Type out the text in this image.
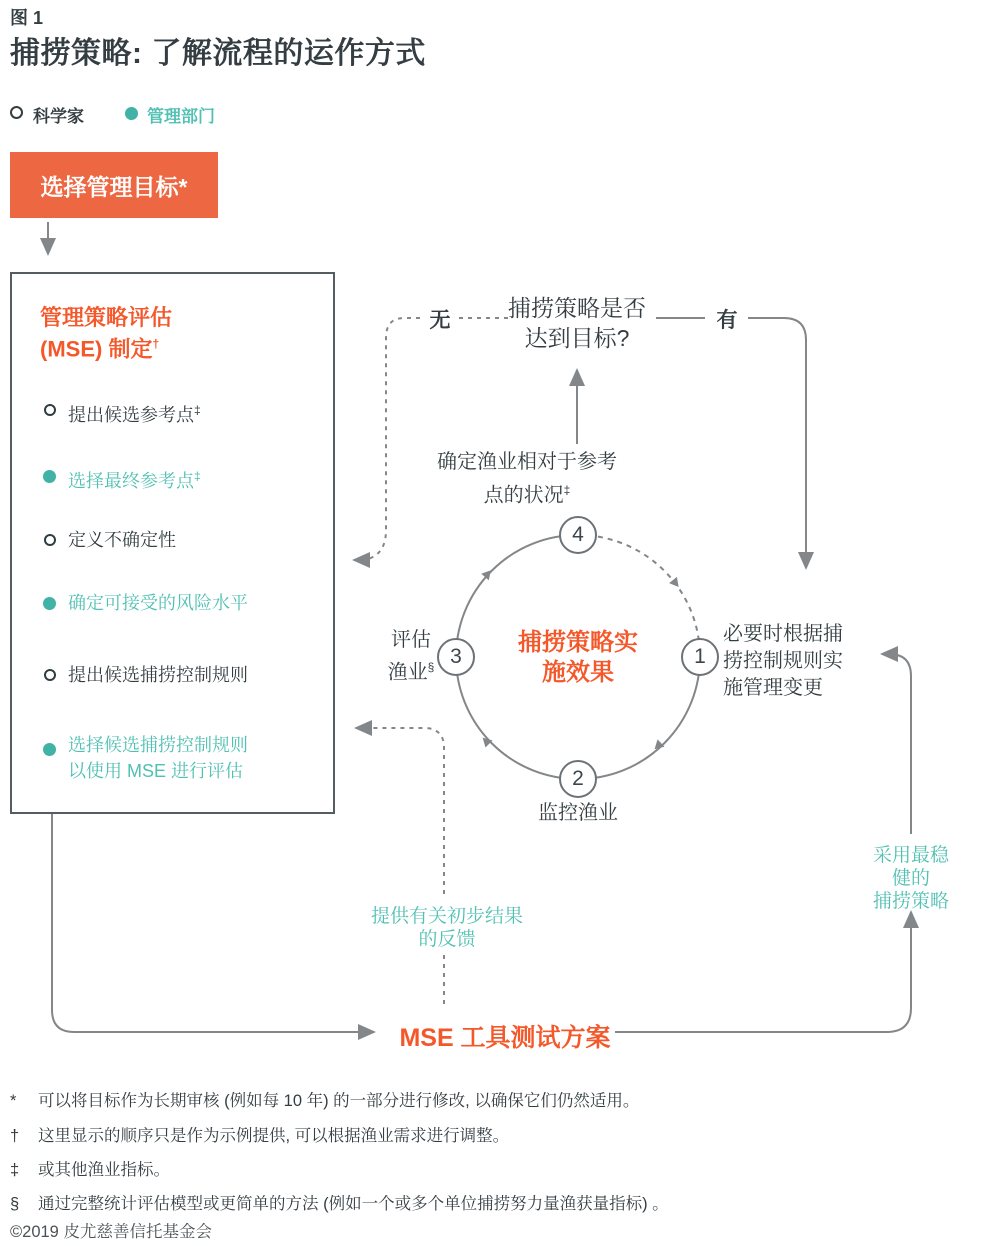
图 1
捕捞策略: 了解流程的运作方式
科学家	管理部门
选择管理目标*
管理策略评估
(MSE) 制定†
提出候选参考点‡
选择最终参考点‡
定义不确定性
确定可接受的风险水平
提出候选捕捞控制规则
选择候选捕捞控制规则
以使用 MSE 进行评估
捕捞策略是否
达到目标?
无	有
确定渔业相对于参考
点的状况‡
捕捞策略实
施效果
4
1
2
3
必要时根据捕
捞控制规则实
施管理变更
监控渔业
评估
渔业§
提供有关初步结果
的反馈
采用最稳健的
捕捞策略
MSE 工具测试方案
* 可以将目标作为长期审核 (例如每 10 年) 的一部分进行修改, 以确保它们仍然适用。
† 这里显示的顺序只是作为示例提供, 可以根据渔业需求进行调整。
‡ 或其他渔业指标。
§ 通过完整统计评估模型或更简单的方法 (例如一个或多个单位捕捞努力量渔获量指标) 。
©2019 皮尤慈善信托基金会
